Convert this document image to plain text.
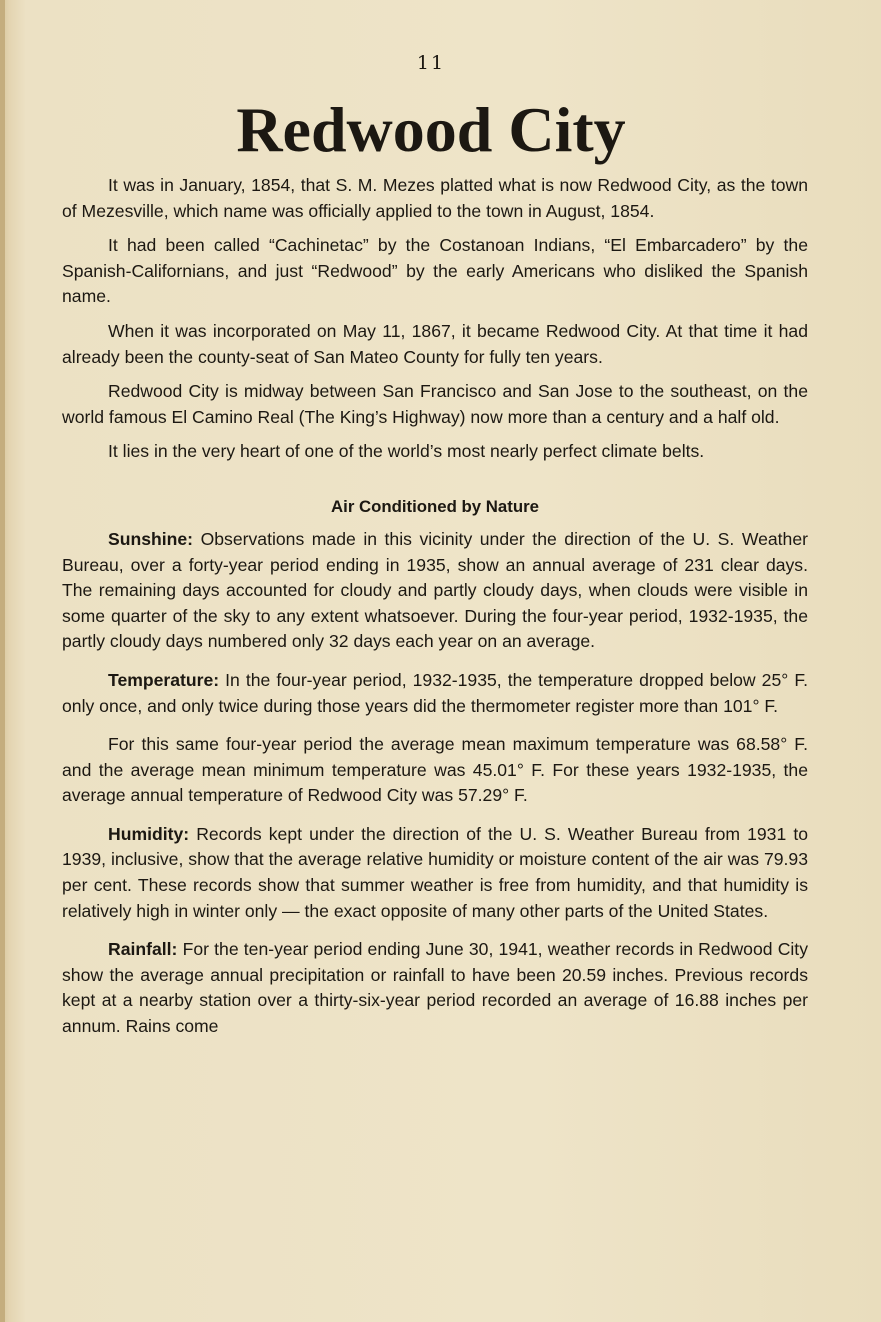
11
Redwood City

It was in January, 1854, that S. M. Mezes platted what is now Redwood City, as the town of Mezesville, which name was officially applied to the town in August, 1854.

It had been called “Cachinetac” by the Costanoan Indians, “El Embarcadero” by the Spanish-Californians, and just “Redwood” by the early Americans who disliked the Spanish name.

When it was incorporated on May 11, 1867, it became Redwood City. At that time it had already been the county-seat of San Mateo County for fully ten years.

Redwood City is midway between San Francisco and San Jose to the southeast, on the world famous El Camino Real (The King’s Highway) now more than a century and a half old.

It lies in the very heart of one of the world’s most nearly perfect climate belts.

Air Conditioned by Nature

Sunshine: Observations made in this vicinity under the direction of the U. S. Weather Bureau, over a forty-year period ending in 1935, show an annual average of 231 clear days. The remaining days accounted for cloudy and partly cloudy days, when clouds were visible in some quarter of the sky to any extent whatsoever. During the four-year period, 1932-1935, the partly cloudy days numbered only 32 days each year on an average.

Temperature: In the four-year period, 1932-1935, the temperature dropped below 25° F. only once, and only twice during those years did the thermometer register more than 101° F.

For this same four-year period the average mean maximum temperature was 68.58° F. and the average mean minimum temperature was 45.01° F. For these years 1932-1935, the average annual temperature of Redwood City was 57.29° F.

Humidity: Records kept under the direction of the U. S. Weather Bureau from 1931 to 1939, inclusive, show that the average relative humidity or moisture content of the air was 79.93 per cent. These records show that summer weather is free from humidity, and that humidity is relatively high in winter only — the exact opposite of many other parts of the United States.

Rainfall: For the ten-year period ending June 30, 1941, weather records in Redwood City show the average annual precipitation or rainfall to have been 20.59 inches. Previous records kept at a nearby station over a thirty-six-year period recorded an average of 16.88 inches per annum. Rains come
